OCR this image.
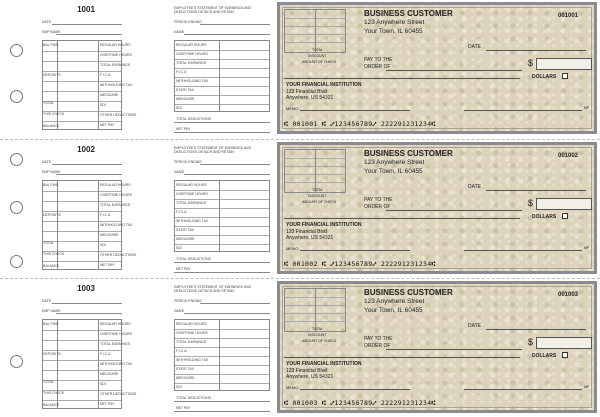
1001
DATE
EMP NAME
BAL FWD
DEPOSITS
TOTAL
THIS CHECK
BALANCE
REGULAR HOURS
OVERTIME HOURS
TOTAL EARNINGS
F.I.C.A
WITHHOLDING TAX
MEDICARE
SDI
OTHER DEDUCTIONS
NET PAY
EMPLOYEE'S STATEMENT OF EARNINGS AND DEDUCTIONS DETACH AND RETAIN
PERIOD ENDING
NAME
REGULAR HOURS
OVERTIME HOURS
TOTAL EARNINGS
F.I.C.A
WITHHOLDING TAX
STATE TAX
MEDICARE
SDI
TOTAL DEDUCTIONS
NET PAY
TOTAL
DISCOUNT
AMOUNT OF CHECK
BUSINESS CUSTOMER
123 Anywhere Street
Your Town, IL 60455
001001
DATE
PAY TO THE
ORDER OF	$
DOLLARS
YOUR FINANCIAL INSTITUTION
123 Financial Blvd
Anywhere, US 54321
MEMO	MP
⑆ 001001 ⑆ ⑇123456789⑇ 222291231234⑆
1002
DATE
EMP NAME
BAL FWD
DEPOSITS
TOTAL
THIS CHECK
BALANCE
REGULAR HOURS
OVERTIME HOURS
TOTAL EARNINGS
F.I.C.A
WITHHOLDING TAX
MEDICARE
SDI
OTHER DEDUCTIONS
NET PAY
EMPLOYEE'S STATEMENT OF EARNINGS AND DEDUCTIONS DETACH AND RETAIN
PERIOD ENDING
NAME
REGULAR HOURS
OVERTIME HOURS
TOTAL EARNINGS
F.I.C.A
WITHHOLDING TAX
STATE TAX
MEDICARE
SDI
TOTAL DEDUCTIONS
NET PAY
TOTAL
DISCOUNT
AMOUNT OF CHECK
BUSINESS CUSTOMER
123 Anywhere Street
Your Town, IL 60455
001002
DATE
PAY TO THE
ORDER OF	$
DOLLARS
YOUR FINANCIAL INSTITUTION
123 Financial Blvd
Anywhere, US 54321
MEMO	MP
⑆ 001002 ⑆ ⑇123456789⑇ 222291231234⑆
1003
DATE
EMP NAME
BAL FWD
DEPOSITS
TOTAL
THIS CHECK
BALANCE
REGULAR HOURS
OVERTIME HOURS
TOTAL EARNINGS
F.I.C.A
WITHHOLDING TAX
MEDICARE
SDI
OTHER DEDUCTIONS
NET PAY
EMPLOYEE'S STATEMENT OF EARNINGS AND DEDUCTIONS DETACH AND RETAIN
PERIOD ENDING
NAME
REGULAR HOURS
OVERTIME HOURS
TOTAL EARNINGS
F.I.C.A
WITHHOLDING TAX
STATE TAX
MEDICARE
SDI
TOTAL DEDUCTIONS
NET PAY
TOTAL
DISCOUNT
AMOUNT OF CHECK
BUSINESS CUSTOMER
123 Anywhere Street
Your Town, IL 60455
001003
DATE
PAY TO THE
ORDER OF	$
DOLLARS
YOUR FINANCIAL INSTITUTION
123 Financial Blvd
Anywhere, US 54321
MEMO	MP
⑆ 001003 ⑆ ⑇123456789⑇ 222291231234⑆
